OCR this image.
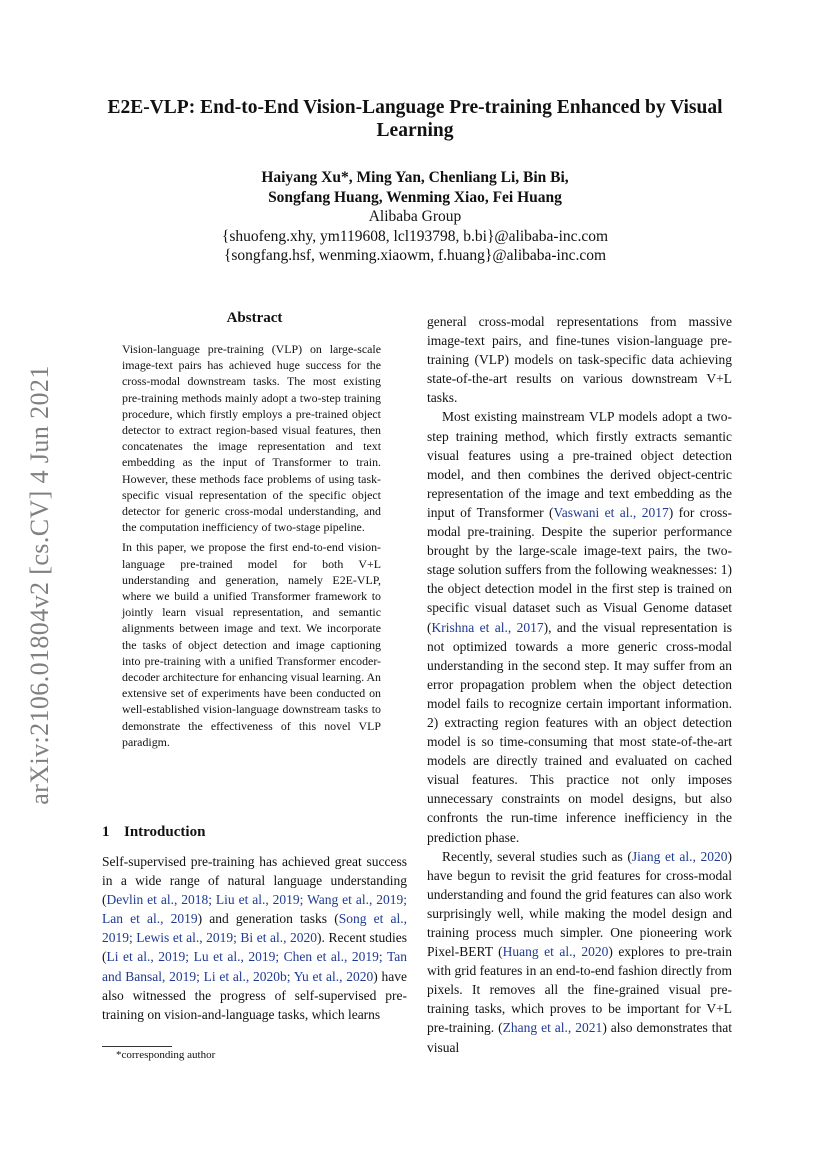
arXiv:2106.01804v2 [cs.CV] 4 Jun 2021
E2E-VLP: End-to-End Vision-Language Pre-training Enhanced by Visual
Learning
Haiyang Xu*, Ming Yan, Chenliang Li, Bin Bi,
Songfang Huang, Wenming Xiao, Fei Huang
Alibaba Group
{shuofeng.xhy, ym119608, lcl193798, b.bi}@alibaba-inc.com
{songfang.hsf, wenming.xiaowm, f.huang}@alibaba-inc.com
Abstract

Vision-language pre-training (VLP) on large-scale image-text pairs has achieved huge success for the cross-modal downstream tasks. The most existing pre-training methods mainly adopt a two-step training procedure, which firstly employs a pre-trained object detector to extract region-based visual features, then concatenates the image representation and text embedding as the input of Transformer to train. However, these methods face problems of using task-specific visual representation of the specific object detector for generic cross-modal understanding, and the computation inefficiency of two-stage pipeline.

In this paper, we propose the first end-to-end vision-language pre-trained model for both V+L understanding and generation, namely E2E-VLP, where we build a unified Transformer framework to jointly learn visual representation, and semantic alignments between image and text. We incorporate the tasks of object detection and image captioning into pre-training with a unified Transformer encoder-decoder architecture for enhancing visual learning. An extensive set of experiments have been conducted on well-established vision-language downstream tasks to demonstrate the effectiveness of this novel VLP paradigm.

1 Introduction
Self-supervised pre-training has achieved great success in a wide range of natural language understanding (Devlin et al., 2018; Liu et al., 2019; Wang et al., 2019; Lan et al., 2019) and generation tasks (Song et al., 2019; Lewis et al., 2019; Bi et al., 2020). Recent studies (Li et al., 2019; Lu et al., 2019; Chen et al., 2019; Tan and Bansal, 2019; Li et al., 2020b; Yu et al., 2020) have also witnessed the progress of self-supervised pre-training on vision-and-language tasks, which learns

general cross-modal representations from massive image-text pairs, and fine-tunes vision-language pre-training (VLP) models on task-specific data achieving state-of-the-art results on various downstream V+L tasks.

Most existing mainstream VLP models adopt a two-step training method, which firstly extracts semantic visual features using a pre-trained object detection model, and then combines the derived object-centric representation of the image and text embedding as the input of Transformer (Vaswani et al., 2017) for cross-modal pre-training. Despite the superior performance brought by the large-scale image-text pairs, the two-stage solution suffers from the following weaknesses: 1) the object detection model in the first step is trained on specific visual dataset such as Visual Genome dataset (Krishna et al., 2017), and the visual representation is not optimized towards a more generic cross-modal understanding in the second step. It may suffer from an error propagation problem when the object detection model fails to recognize certain important information. 2) extracting region features with an object detection model is so time-consuming that most state-of-the-art models are directly trained and evaluated on cached visual features. This practice not only imposes unnecessary constraints on model designs, but also confronts the run-time inference inefficiency in the prediction phase.

Recently, several studies such as (Jiang et al., 2020) have begun to revisit the grid features for cross-modal understanding and found the grid features can also work surprisingly well, while making the model design and training process much simpler. One pioneering work Pixel-BERT (Huang et al., 2020) explores to pre-train with grid features in an end-to-end fashion directly from pixels. It removes all the fine-grained visual pre-training tasks, which proves to be important for V+L pre-training. (Zhang et al., 2021) also demonstrates that visual

*corresponding author
